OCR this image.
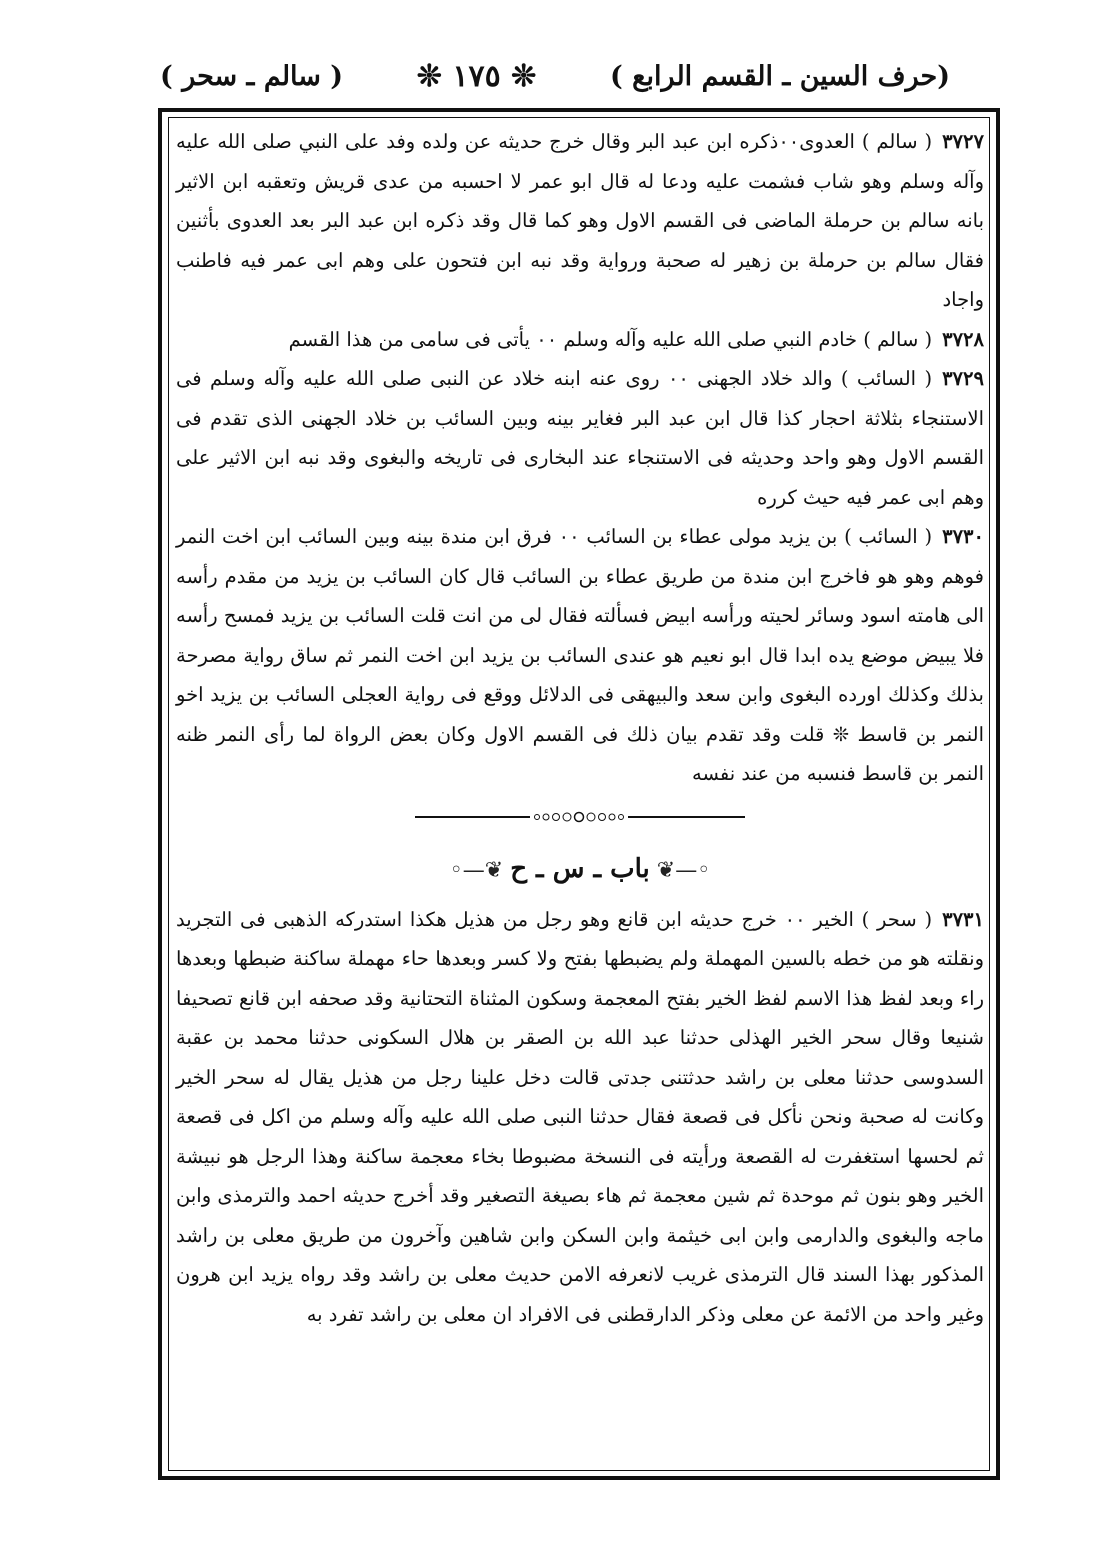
(حرف السين ـ القسم الرابع )
❊ ١٧٥ ❊
( سالم ـ سحر )

٣٧٢٧( سالم ) العدوى٠٠ذكره ابن عبد البر وقال خرج حديثه عن ولده وفد على النبي صلى الله عليه وآله وسلم وهو شاب فشمت عليه ودعا له قال ابو عمر لا احسبه من عدى قريش وتعقبه ابن الاثير بانه سالم بن حرملة الماضى فى القسم الاول وهو كما قال وقد ذكره ابن عبد البر بعد العدوى بأثنين فقال سالم بن حرملة بن زهير له صحبة ورواية وقد نبه ابن فتحون على وهم ابى عمر فيه فاطنب واجاد

٣٧٢٨( سالم ) خادم النبي صلى الله عليه وآله وسلم ٠٠ يأتى فى سامى من هذا القسم

٣٧٢٩( السائب ) والد خلاد الجهنى ٠٠ روى عنه ابنه خلاد عن النبى صلى الله عليه وآله وسلم فى الاستنجاء بثلاثة احجار كذا قال ابن عبد البر فغاير بينه وبين السائب بن خلاد الجهنى الذى تقدم فى القسم الاول وهو واحد وحديثه فى الاستنجاء عند البخارى فى تاريخه والبغوى وقد نبه ابن الاثير على وهم ابى عمر فيه حيث كرره

٣٧٣٠( السائب ) بن يزيد مولى عطاء بن السائب ٠٠ فرق ابن مندة بينه وبين السائب ابن اخت النمر فوهم وهو هو فاخرج ابن مندة من طريق عطاء بن السائب قال كان السائب بن يزيد من مقدم رأسه الى هامته اسود وسائر لحيته ورأسه ابيض فسألته فقال لى من انت قلت السائب بن يزيد فمسح رأسه فلا يبيض موضع يده ابدا قال ابو نعيم هو عندى السائب بن يزيد ابن اخت النمر ثم ساق رواية مصرحة بذلك وكذلك اورده البغوى وابن سعد والبيهقى فى الدلائل ووقع فى رواية العجلى السائب بن يزيد اخو النمر بن قاسط ❊ قلت وقد تقدم بيان ذلك فى القسم الاول وكان بعض الرواة لما رأى النمر ظنه النمر بن قاسط فنسبه من عند نفسه

◦—❦ باب ـ س ـ ح ❦—◦

٣٧٣١( سحر ) الخير ٠٠ خرج حديثه ابن قانع وهو رجل من هذيل هكذا استدركه الذهبى فى التجريد ونقلته هو من خطه بالسين المهملة ولم يضبطها بفتح ولا كسر وبعدها حاء مهملة ساكنة ضبطها وبعدها راء وبعد لفظ هذا الاسم لفظ الخير بفتح المعجمة وسكون المثناة التحتانية وقد صحفه ابن قانع تصحيفا شنيعا وقال سحر الخير الهذلى حدثنا عبد الله بن الصقر بن هلال السكونى حدثنا محمد بن عقبة السدوسى حدثنا معلى بن راشد حدثتنى جدتى قالت دخل علينا رجل من هذيل يقال له سحر الخير وكانت له صحبة ونحن نأكل فى قصعة فقال حدثنا النبى صلى الله عليه وآله وسلم من اكل فى قصعة ثم لحسها استغفرت له القصعة ورأيته فى النسخة مضبوطا بخاء معجمة ساكنة وهذا الرجل هو نبيشة الخير وهو بنون ثم موحدة ثم شين معجمة ثم هاء بصيغة التصغير وقد أخرج حديثه احمد والترمذى وابن ماجه والبغوى والدارمى وابن ابى خيثمة وابن السكن وابن شاهين وآخرون من طريق معلى بن راشد المذكور بهذا السند قال الترمذى غريب لانعرفه الامن حديث معلى بن راشد وقد رواه يزيد ابن هرون وغير واحد من الائمة عن معلى وذكر الدارقطنى فى الافراد ان معلى بن راشد تفرد به
